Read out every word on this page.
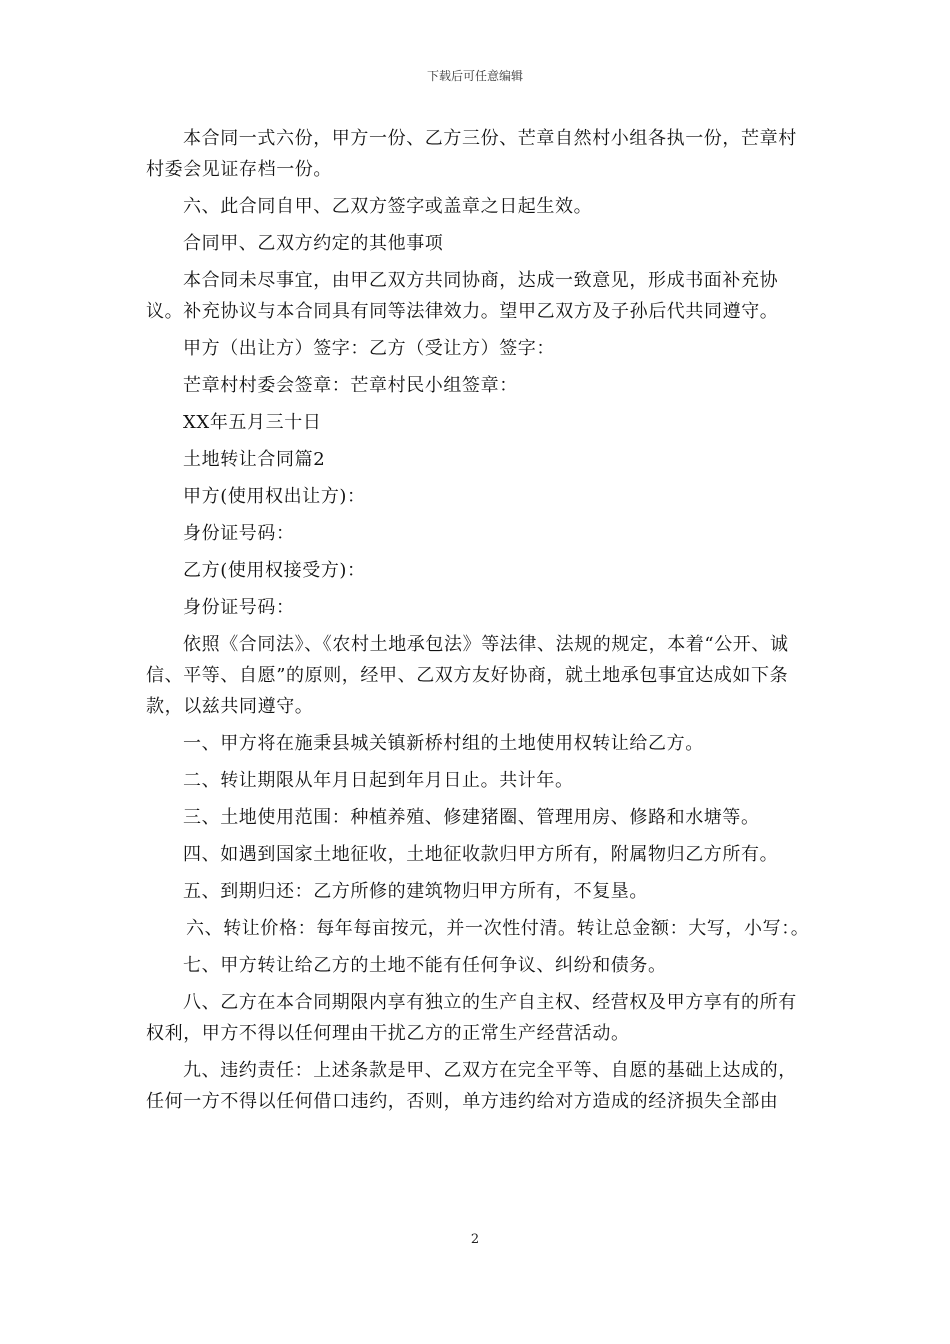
下载后可任意编辑

本合同一式六份，甲方一份、乙方三份、芒章自然村小组各执一份，芒章村村委会见证存档一份。

六、此合同自甲、乙双方签字或盖章之日起生效。

合同甲、乙双方约定的其他事项

本合同未尽事宜，由甲乙双方共同协商，达成一致意见，形成书面补充协议。补充协议与本合同具有同等法律效力。望甲乙双方及子孙后代共同遵守。

甲方（出让方）签字：乙方（受让方）签字：

芒章村村委会签章：芒章村民小组签章：

XX年五月三十日

土地转让合同篇2

甲方(使用权出让方)：

身份证号码：

乙方(使用权接受方)：

身份证号码：

依照《合同法》、《农村土地承包法》等法律、法规的规定，本着“公开、诚信、平等、自愿”的原则，经甲、乙双方友好协商，就土地承包事宜达成如下条款，以兹共同遵守。

一、甲方将在施秉县城关镇新桥村组的土地使用权转让给乙方。

二、转让期限从年月日起到年月日止。共计年。

三、土地使用范围：种植养殖、修建猪圈、管理用房、修路和水塘等。

四、如遇到国家土地征收，土地征收款归甲方所有，附属物归乙方所有。

五、到期归还：乙方所修的建筑物归甲方所有，不复垦。

六、转让价格：每年每亩按元，并一次性付清。转让总金额：大写，小写：。

七、甲方转让给乙方的土地不能有任何争议、纠纷和债务。

八、乙方在本合同期限内享有独立的生产自主权、经营权及甲方享有的所有权利，甲方不得以任何理由干扰乙方的正常生产经营活动。

九、违约责任：上述条款是甲、乙双方在完全平等、自愿的基础上达成的，任何一方不得以任何借口违约，否则，单方违约给对方造成的经济损失全部由

2
